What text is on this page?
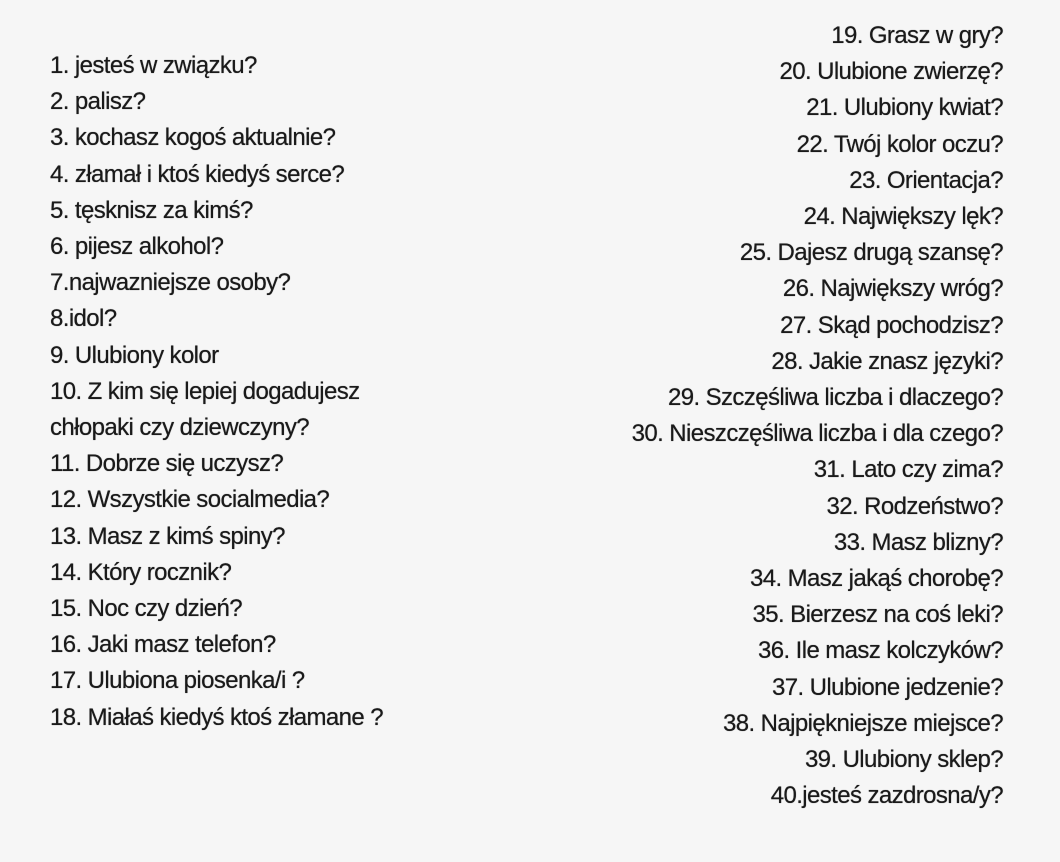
1. jesteś w związku?
2. palisz?
3. kochasz kogoś aktualnie?
4. złamał i ktoś kiedyś serce?
5. tęsknisz za kimś?
6. pijesz alkohol?
7.najwazniejsze osoby?
8.idol?
9. Ulubiony kolor
10. Z kim się lepiej dogadujesz
chłopaki czy dziewczyny?
11. Dobrze się uczysz?
12. Wszystkie socialmedia?
13. Masz z kimś spiny?
14. Który rocznik?
15. Noc czy dzień?
16. Jaki masz telefon?
17. Ulubiona piosenka/i ?
18. Miałaś kiedyś ktoś złamane ?
19. Grasz w gry?
20. Ulubione zwierzę?
21. Ulubiony kwiat?
22. Twój kolor oczu?
23. Orientacja?
24. Największy lęk?
25. Dajesz drugą szansę?
26. Największy wróg?
27. Skąd pochodzisz?
28. Jakie znasz języki?
29. Szczęśliwa liczba i dlaczego?
30. Nieszczęśliwa liczba i dla czego?
31. Lato czy zima?
32. Rodzeństwo?
33. Masz blizny?
34. Masz jakąś chorobę?
35. Bierzesz na coś leki?
36. Ile masz kolczyków?
37. Ulubione jedzenie?
38. Najpiękniejsze miejsce?
39. Ulubiony sklep?
40.jesteś zazdrosna/y?
